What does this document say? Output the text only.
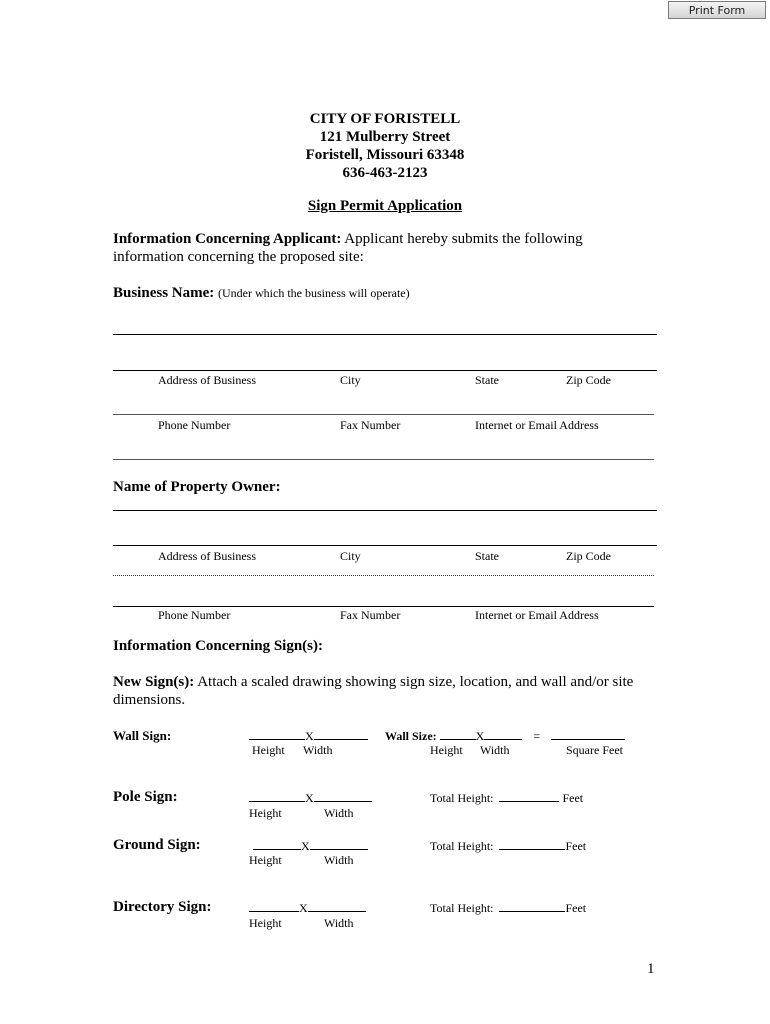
Print Form
CITY OF FORISTELL
121 Mulberry Street
Foristell, Missouri 63348
636-463-2123
Sign Permit Application
Information Concerning Applicant: Applicant hereby submits the following
information concerning the proposed site:
Business Name: (Under which the business will operate)
Address of Business	City	State	Zip Code
Phone Number	Fax Number	Internet or Email Address
Name of Property Owner:
Address of Business	City	State	Zip Code
Phone Number	Fax Number	Internet or Email Address
Information Concerning Sign(s):
New Sign(s): Attach a scaled drawing showing sign size, location, and wall and/or site
dimensions.
Wall Sign:	X
Height Width
Wall Size:	X	=
Height Width	Square Feet
Pole Sign:	X
Height	Width
Total Height:	Feet
Ground Sign:	X
Height	Width
Total Height:	Feet
Directory Sign:	X
Height	Width
Total Height:	Feet
1
